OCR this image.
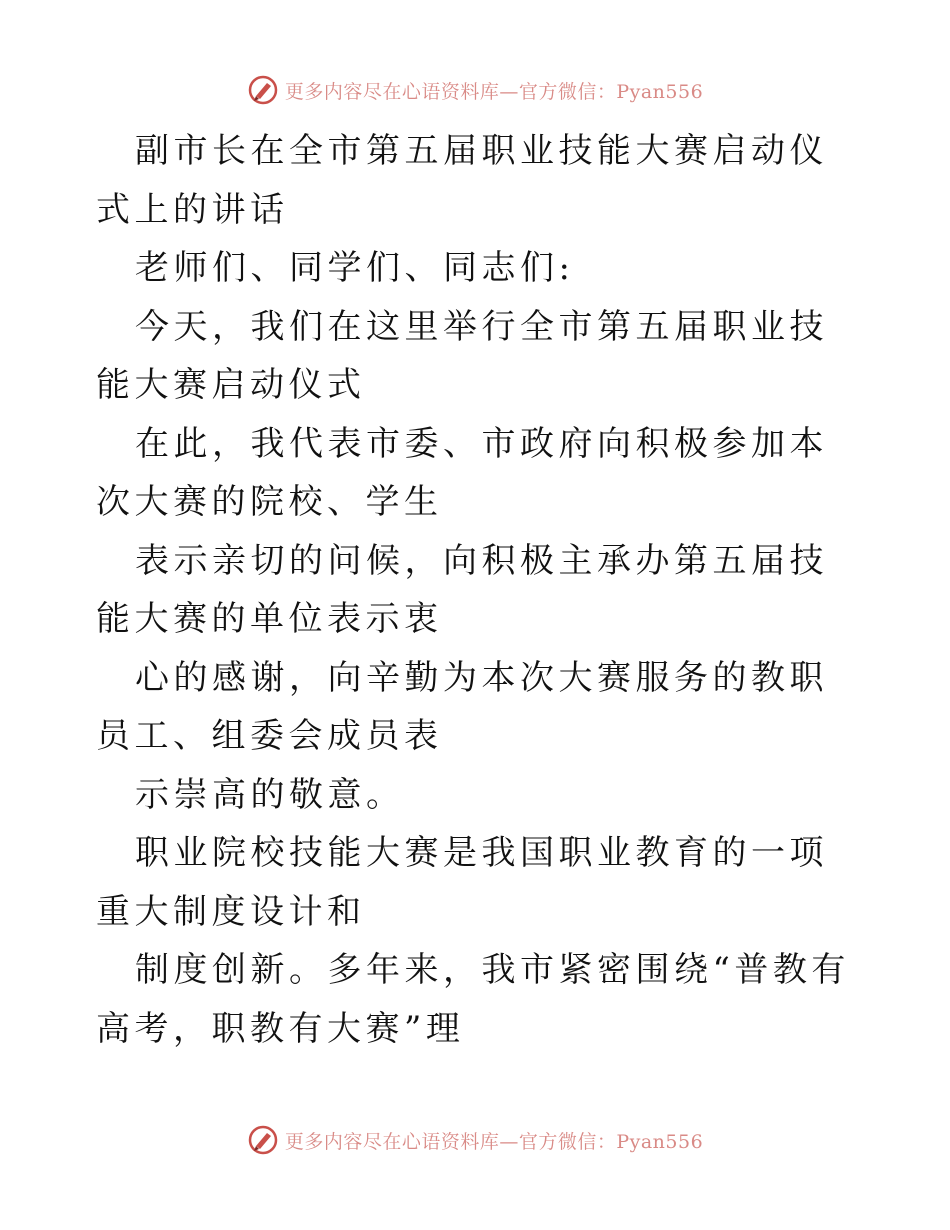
更多内容尽在心语资料库—官方微信：Pyan556

副市长在全市第五届职业技能大赛启动仪式上的讲话

老师们、同学们、同志们:

今天，我们在这里举行全市第五届职业技能大赛启动仪式

在此，我代表市委、市政府向积极参加本次大赛的院校、学生

表示亲切的问候，向积极主承办第五届技能大赛的单位表示衷

心的感谢，向辛勤为本次大赛服务的教职员工、组委会成员表

示崇高的敬意。

职业院校技能大赛是我国职业教育的一项重大制度设计和

制度创新。多年来，我市紧密围绕“普教有高考，职教有大赛”理

更多内容尽在心语资料库—官方微信：Pyan556
